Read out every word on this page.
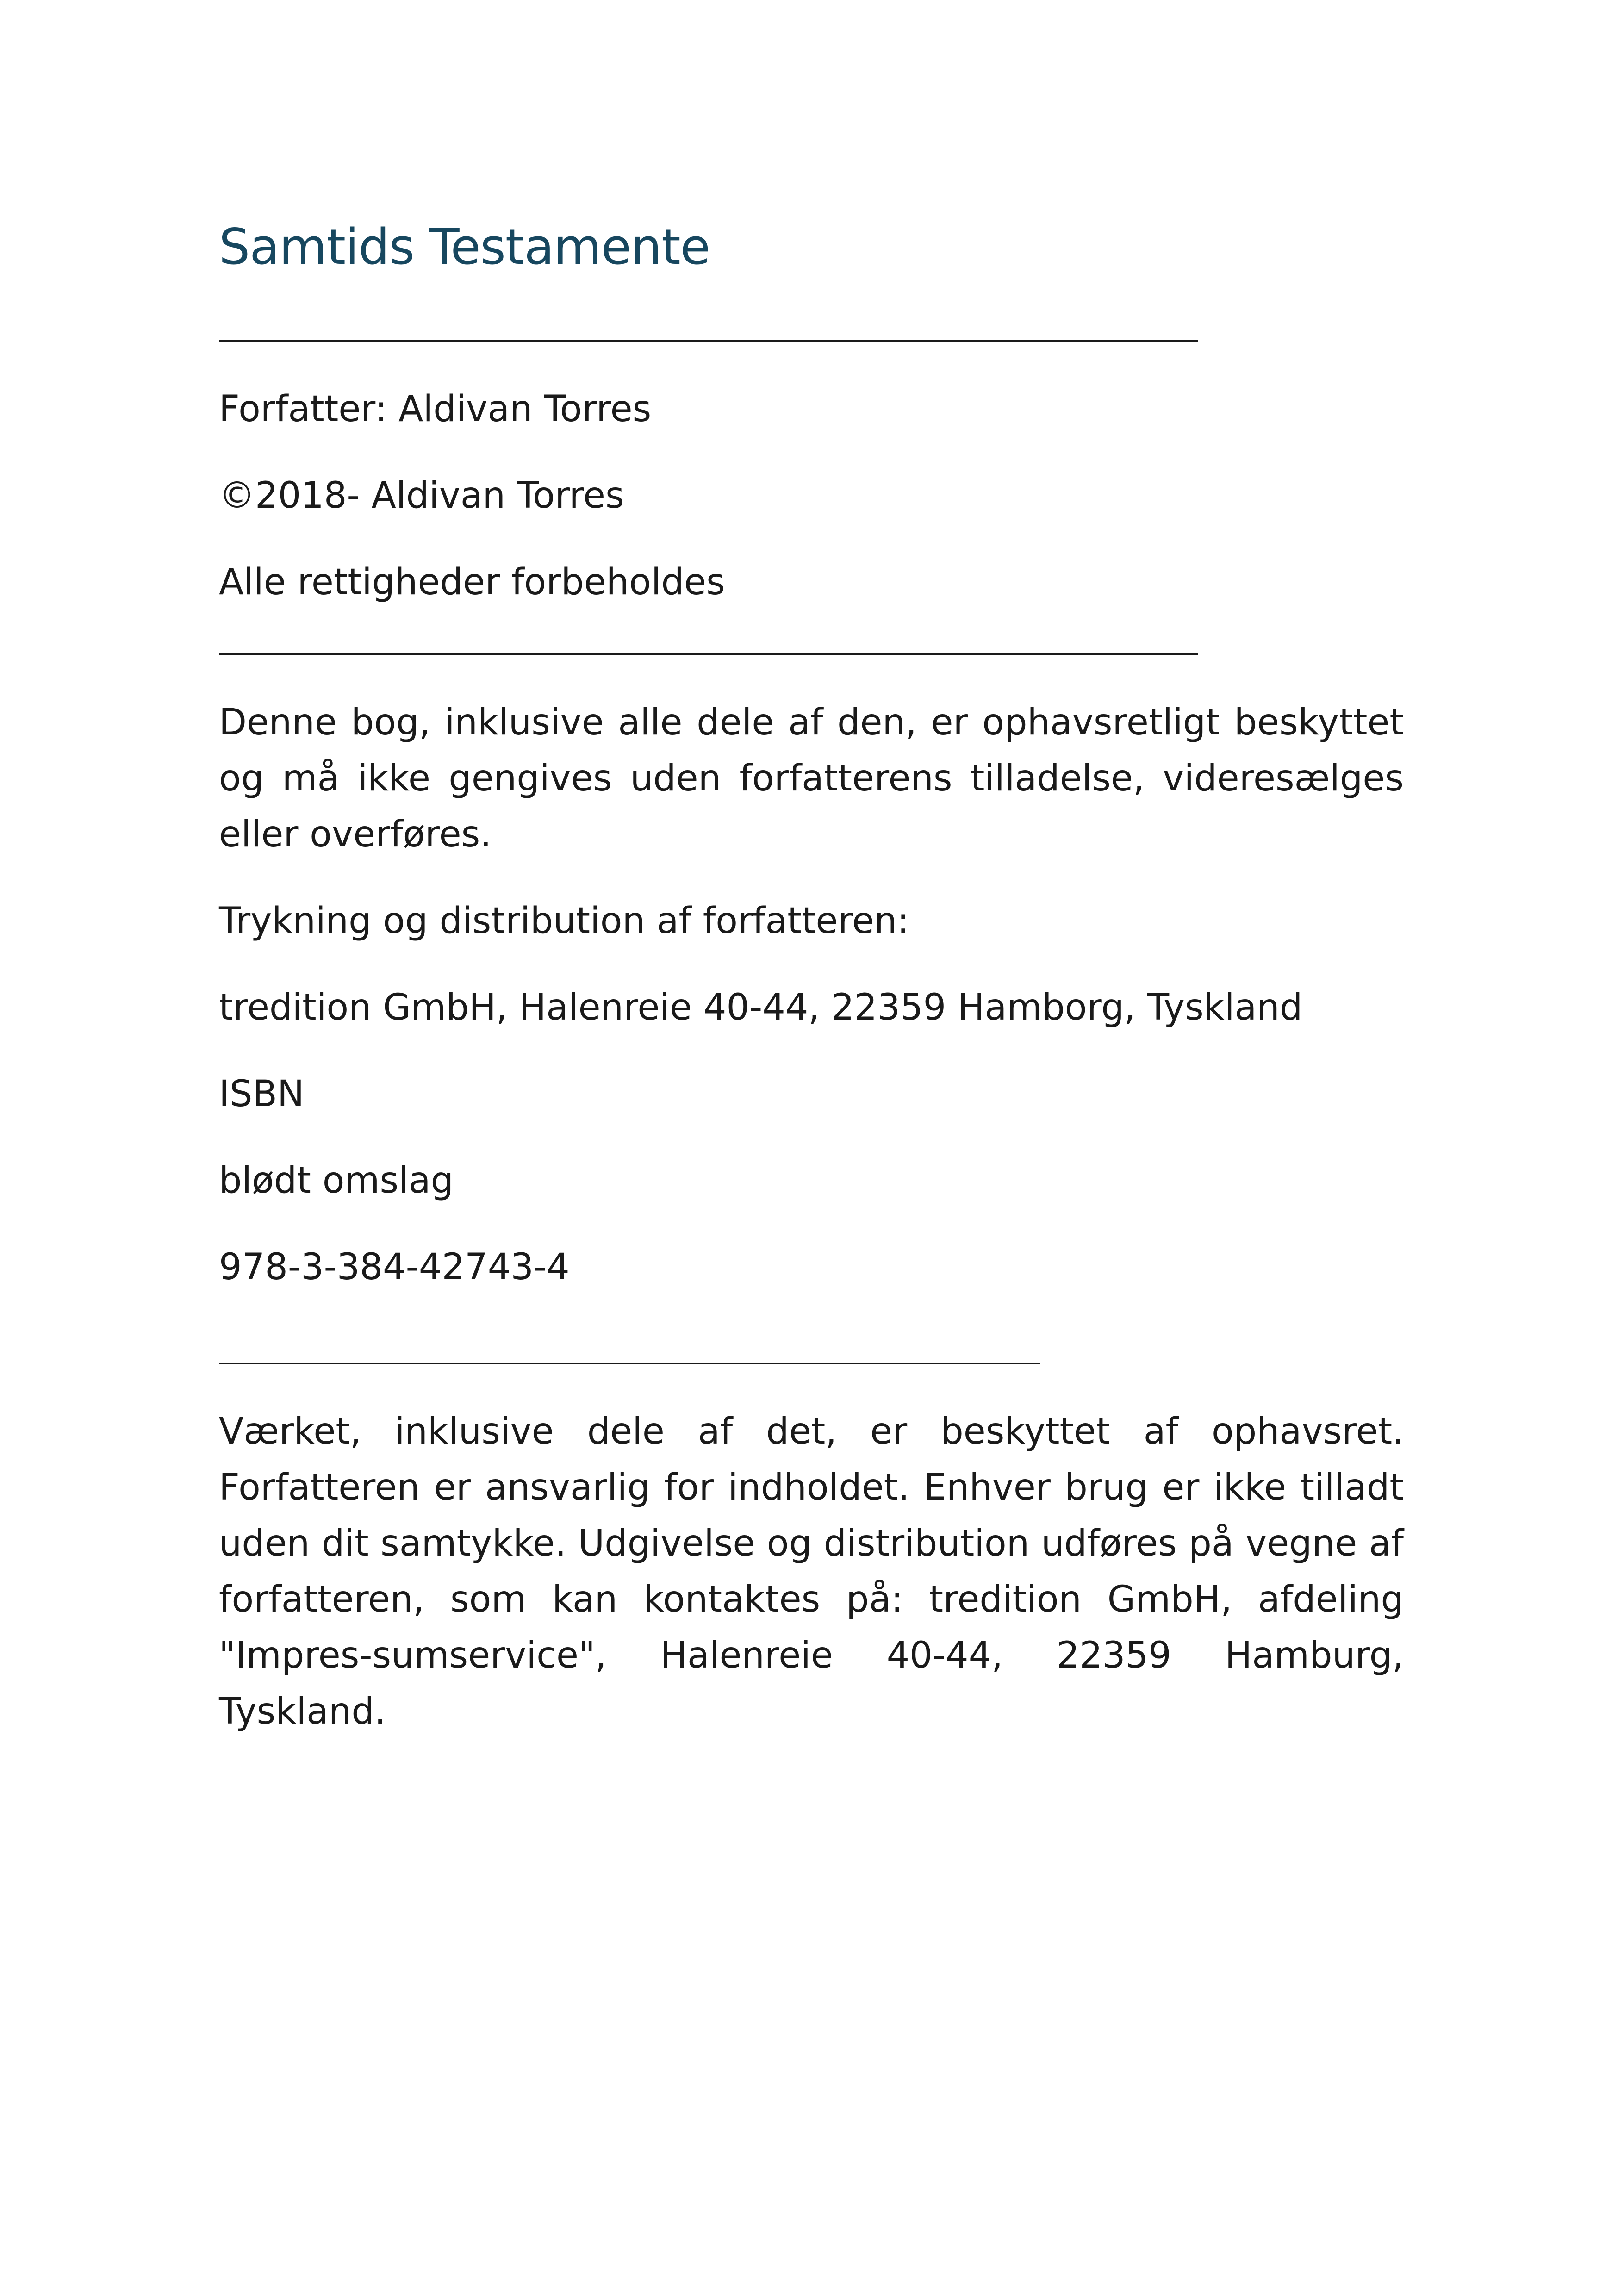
Samtids Testamente

Forfatter: Aldivan Torres

©2018- Aldivan Torres

Alle rettigheder forbeholdes

Denne bog, inklusive alle dele af den, er ophavsretligt beskyttet og må ikke gengives uden forfatterens tilladelse, videresælges eller overføres.

Trykning og distribution af forfatteren:

tredition GmbH, Halenreie 40-44, 22359 Hamborg, Tyskland

ISBN

blødt omslag

978-3-384-42743-4

Værket, inklusive dele af det, er beskyttet af ophavsret. Forfatteren er ansvarlig for indholdet. Enhver brug er ikke tilladt uden dit samtykke. Udgivelse og distribution udføres på vegne af forfatteren, som kan kontaktes på: tredition GmbH, afdeling "Impres-sumservice", Halenreie 40-44, 22359 Hamburg, Tyskland.
